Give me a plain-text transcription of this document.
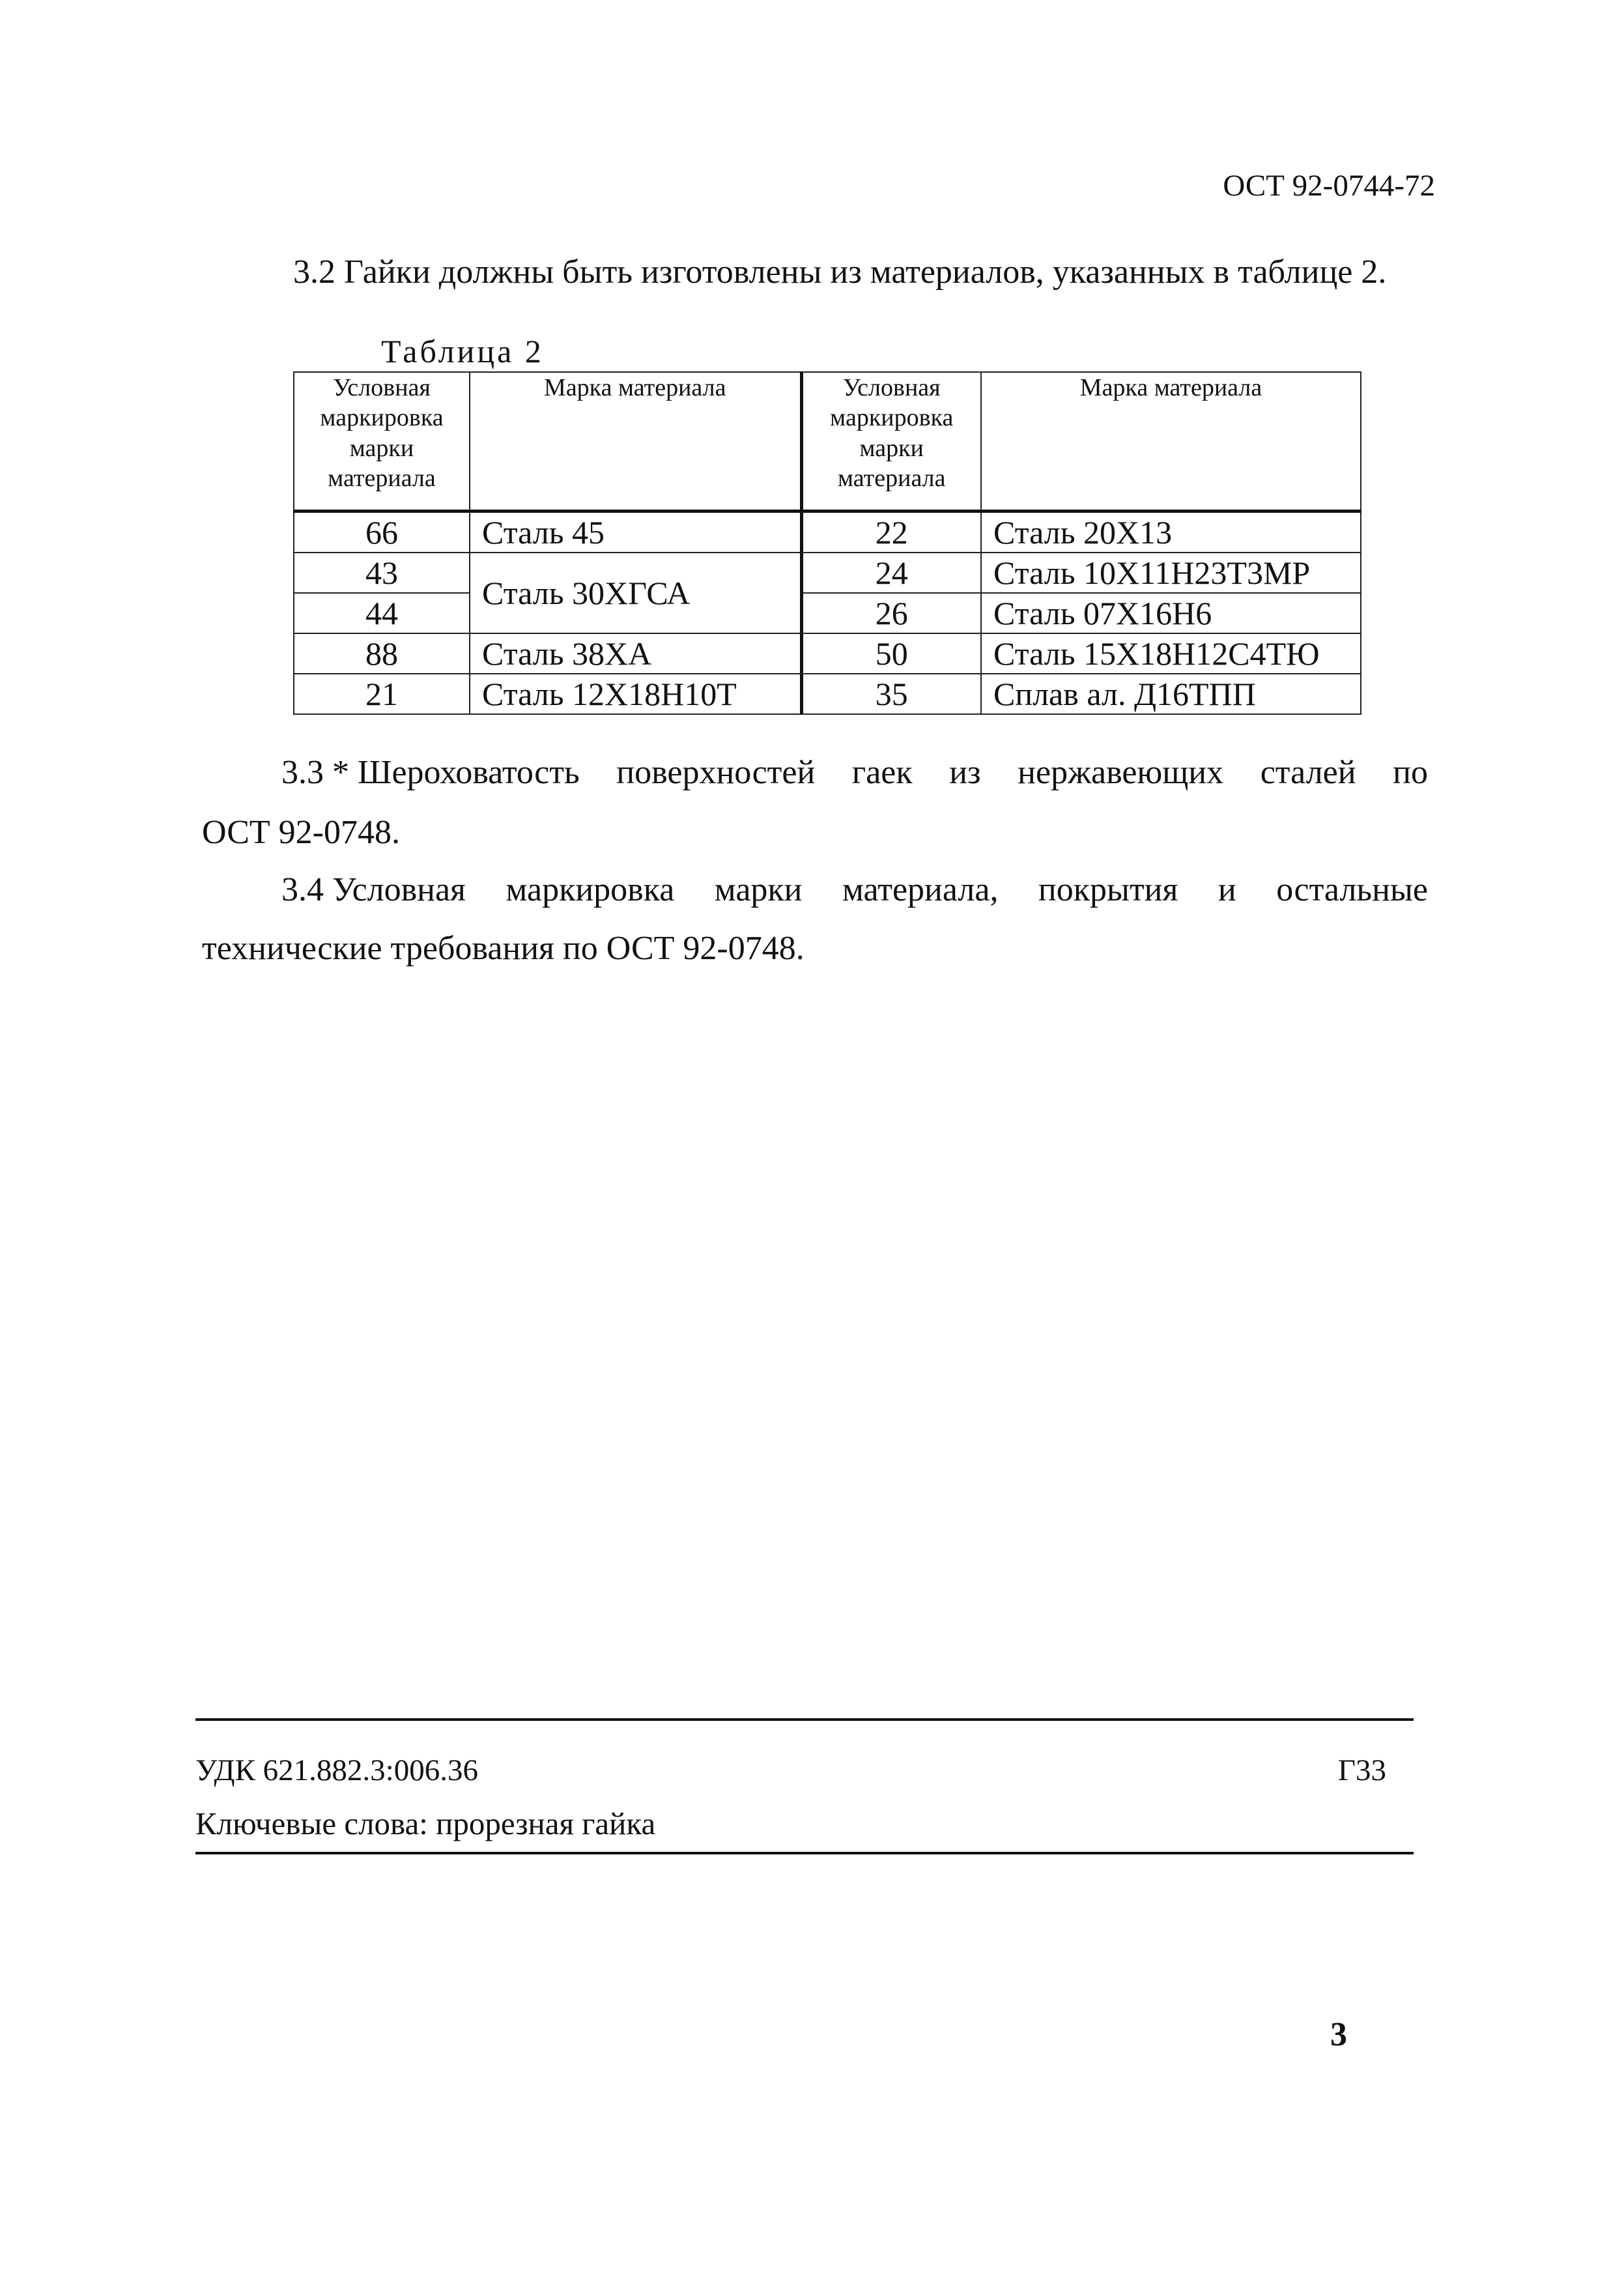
ОСТ 92-0744-72
3.2 Гайки должны быть изготовлены из материалов, указанных в таблице 2.
Таблица 2
Условная маркировка марки материала	Марка материала	Условная маркировка марки материала	Марка материала
66	Сталь 45	22	Сталь 20Х13
43	Сталь 30ХГСА	24	Сталь 10Х11Н23Т3МР
44		26	Сталь 07Х16Н6
88	Сталь 38ХА	50	Сталь 15Х18Н12С4ТЮ
21	Сталь 12Х18Н10Т	35	Сплав ал. Д16ТПП
3.3 * Шероховатость поверхностей гаек из нержавеющих сталей по
ОСТ 92-0748.
3.4 Условная маркировка марки материала, покрытия и остальные
технические требования по ОСТ 92-0748.
УДК 621.882.3:006.36	Г33
Ключевые слова: прорезная гайка
3
